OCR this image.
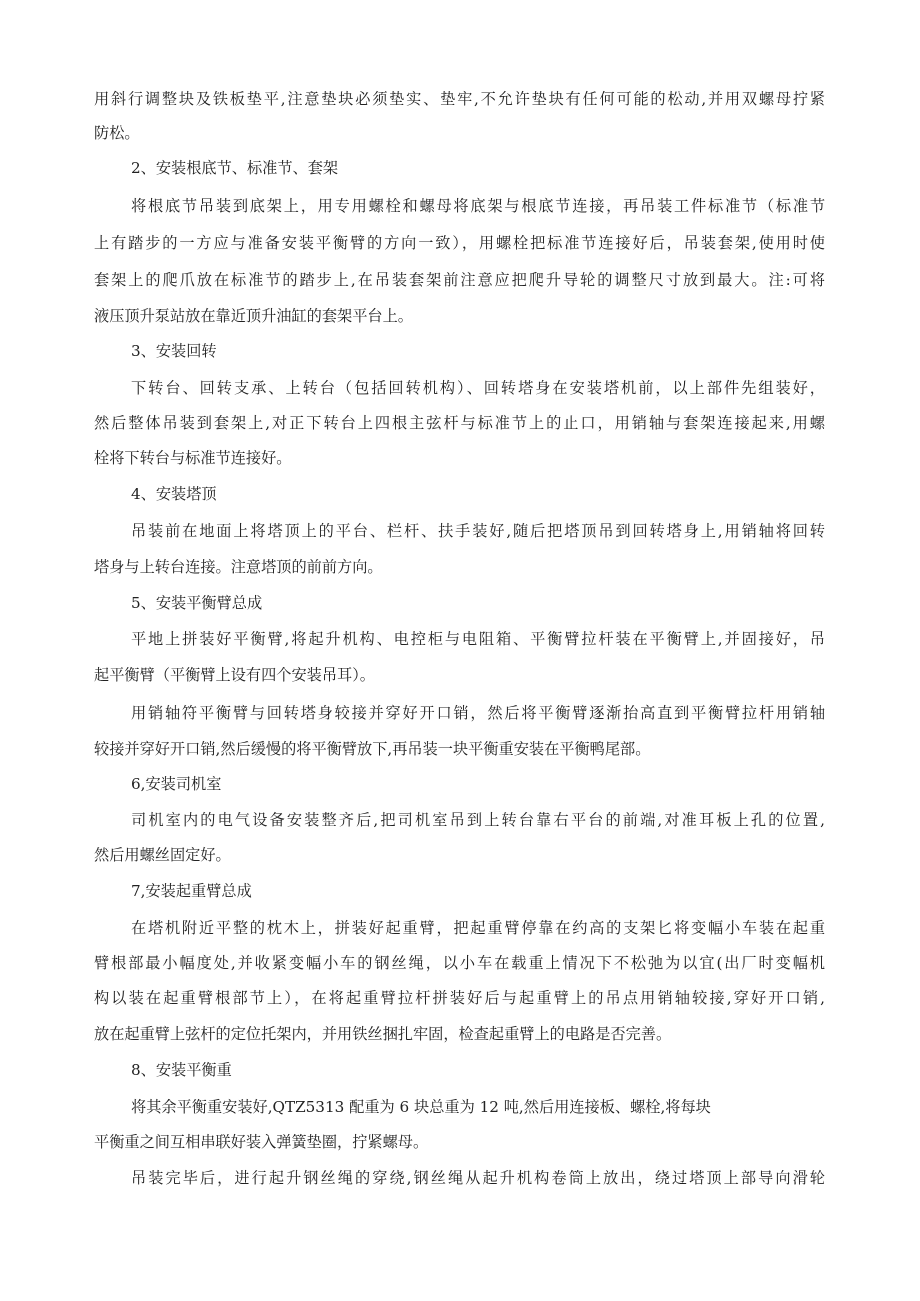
用斜行调整块及铁板垫平,注意垫块必须垫实、垫牢,不允许垫块有任何可能的松动,并用双螺母拧紧
防松。
2、安装根底节、标准节、套架
将根底节吊装到底架上，用专用螺栓和螺母将底架与根底节连接，再吊装工件标准节（标准节
上有踏步的一方应与准备安装平衡臂的方向一致），用螺栓把标准节连接好后，吊装套架,使用时使
套架上的爬爪放在标准节的踏步上,在吊装套架前注意应把爬升导轮的调整尺寸放到最大。注:可将
液压顶升泵站放在靠近顶升油缸的套架平台上。
3、安装回转
下转台、回转支承、上转台（包括回转机构）、回转塔身在安装塔机前，以上部件先组装好，
然后整体吊装到套架上,对正下转台上四根主弦杆与标准节上的止口，用销轴与套架连接起来,用螺
栓将下转台与标准节连接好。
4、安装塔顶
吊装前在地面上将塔顶上的平台、栏杆、扶手装好,随后把塔顶吊到回转塔身上,用销轴将回转
塔身与上转台连接。注意塔顶的前前方向。
5、安装平衡臂总成
平地上拼装好平衡臂,将起升机构、电控柜与电阻箱、平衡臂拉杆装在平衡臂上,并固接好，吊
起平衡臂（平衡臂上设有四个安装吊耳）。
用销轴符平衡臂与回转塔身较接并穿好开口销，然后将平衡臂逐渐抬高直到平衡臂拉杆用销轴
较接并穿好开口销,然后缓慢的将平衡臂放下,再吊装一块平衡重安装在平衡鸭尾部。
6,安装司机室
司机室内的电气设备安装整齐后,把司机室吊到上转台靠右平台的前端,对准耳板上孔的位置,
然后用螺丝固定好。
7,安装起重臂总成
在塔机附近平整的枕木上，拼装好起重臂，把起重臂停靠在约高的支架匕将变幅小车装在起重
臂根部最小幅度处,并收紧变幅小车的钢丝绳，以小车在载重上情况下不松弛为以宜(出厂时变幅机
构以装在起重臂根部节上），在将起重臂拉杆拼装好后与起重臂上的吊点用销轴较接,穿好开口销,
放在起重臂上弦杆的定位托架内，并用铁丝捆扎牢固，检查起重臂上的电路是否完善。
8、安装平衡重
将其余平衡重安装好,QTZ5313 配重为 6 块总重为 12 吨,然后用连接板、螺栓,将每块
平衡重之间互相串联好装入弹簧垫圈，拧紧螺母。
吊装完毕后，进行起升钢丝绳的穿绕,钢丝绳从起升机构卷筒上放出，绕过塔顶上部导向滑轮
